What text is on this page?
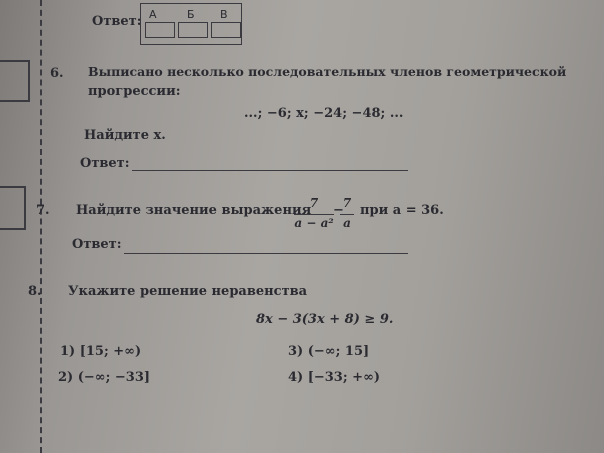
Ответ: А	Б В
6. Выписано несколько последовательных членов геометрической
прогрессии:
...; −6; x; −24; −48; ...
Найдите x.
Ответ:
7. Найдите значение выражения
7
a − a²
−
7
a
при a = 36.
Ответ:
8. Укажите решение неравенства
8x − 3(3x + 8) ≥ 9.
1) [15; +∞)
2) (−∞; −33]
3) (−∞; 15]
4) [−33; +∞)
